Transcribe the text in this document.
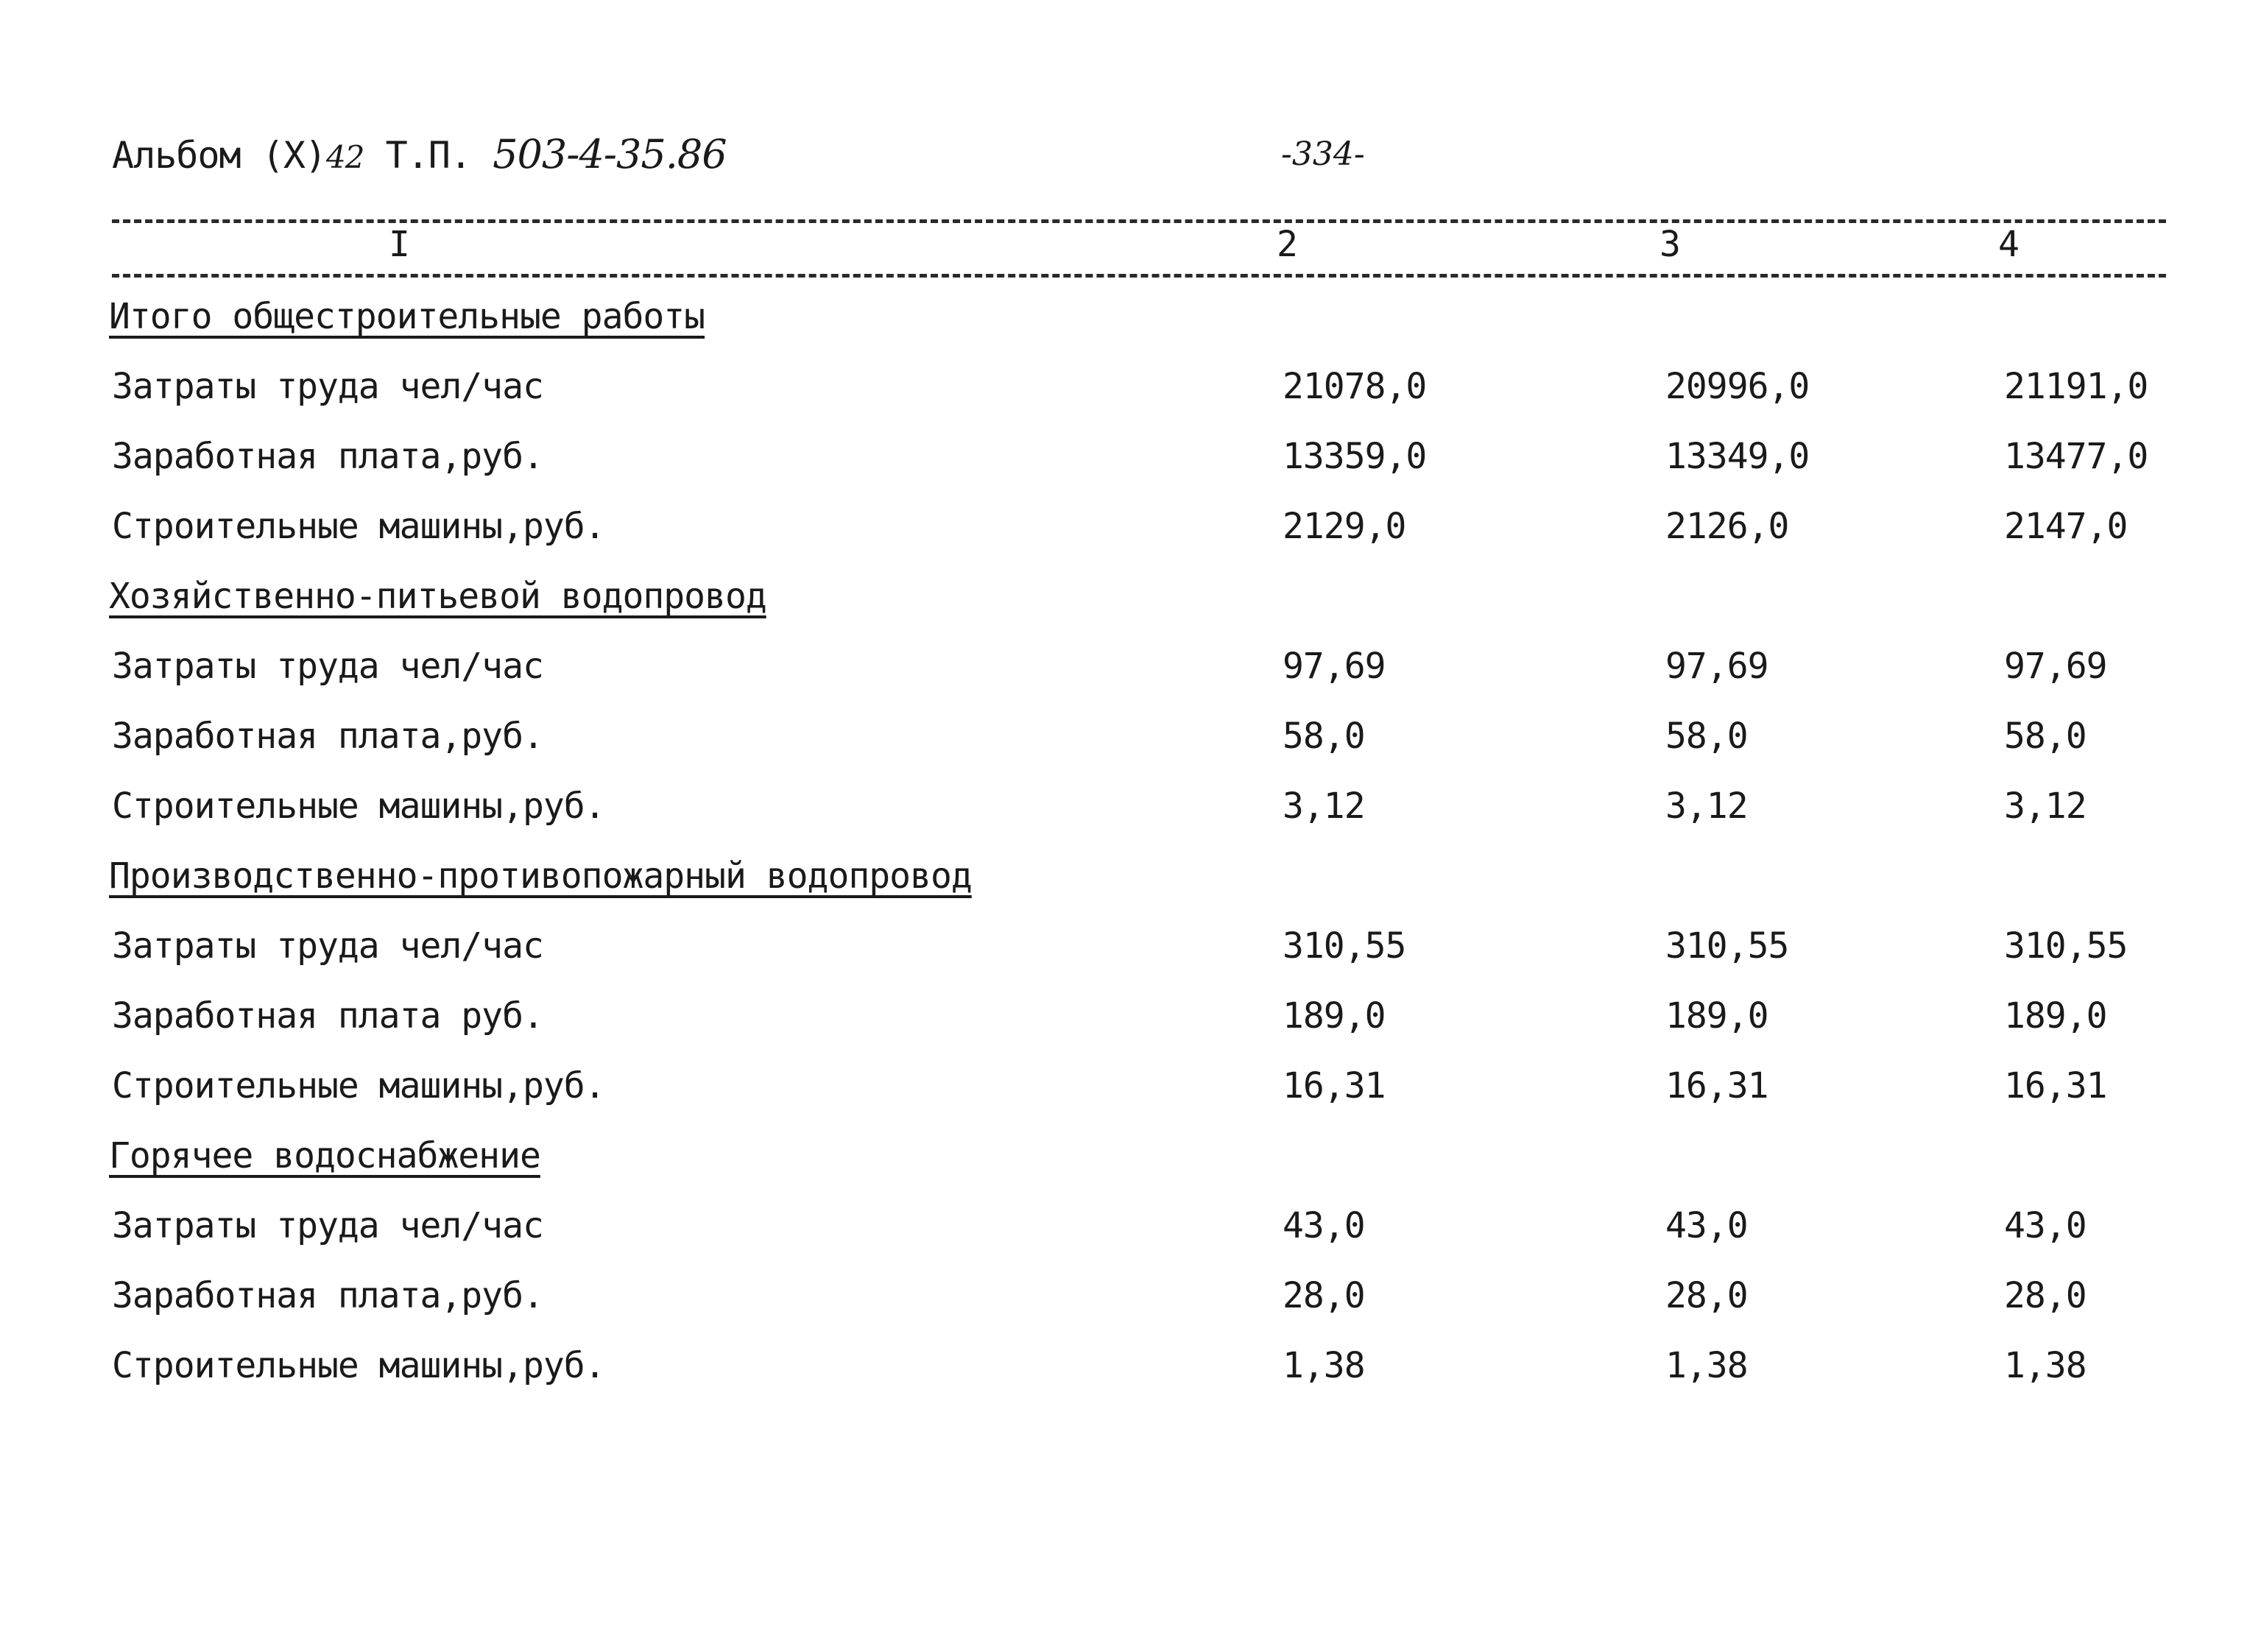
Альбом (X)42 Т.П. 503-4-35.86	-334-
I	2	3	4
Итого общестроительные работы
Затраты труда чел/час	21078,0	20996,0	21191,0
Заработная плата,руб.	13359,0	13349,0	13477,0
Строительные машины,руб.	2129,0	2126,0	2147,0
Хозяйственно-питьевой водопровод
Затраты труда чел/час	97,69	97,69	97,69
Заработная плата,руб.	58,0	58,0	58,0
Строительные машины,руб.	3,12	3,12	3,12
Производственно-противопожарный водопровод
Затраты труда чел/час	310,55	310,55	310,55
Заработная плата руб.	189,0	189,0	189,0
Строительные машины,руб.	16,31	16,31	16,31
Горячее водоснабжение
Затраты труда чел/час	43,0	43,0	43,0
Заработная плата,руб.	28,0	28,0	28,0
Строительные машины,руб.	1,38	1,38	1,38
